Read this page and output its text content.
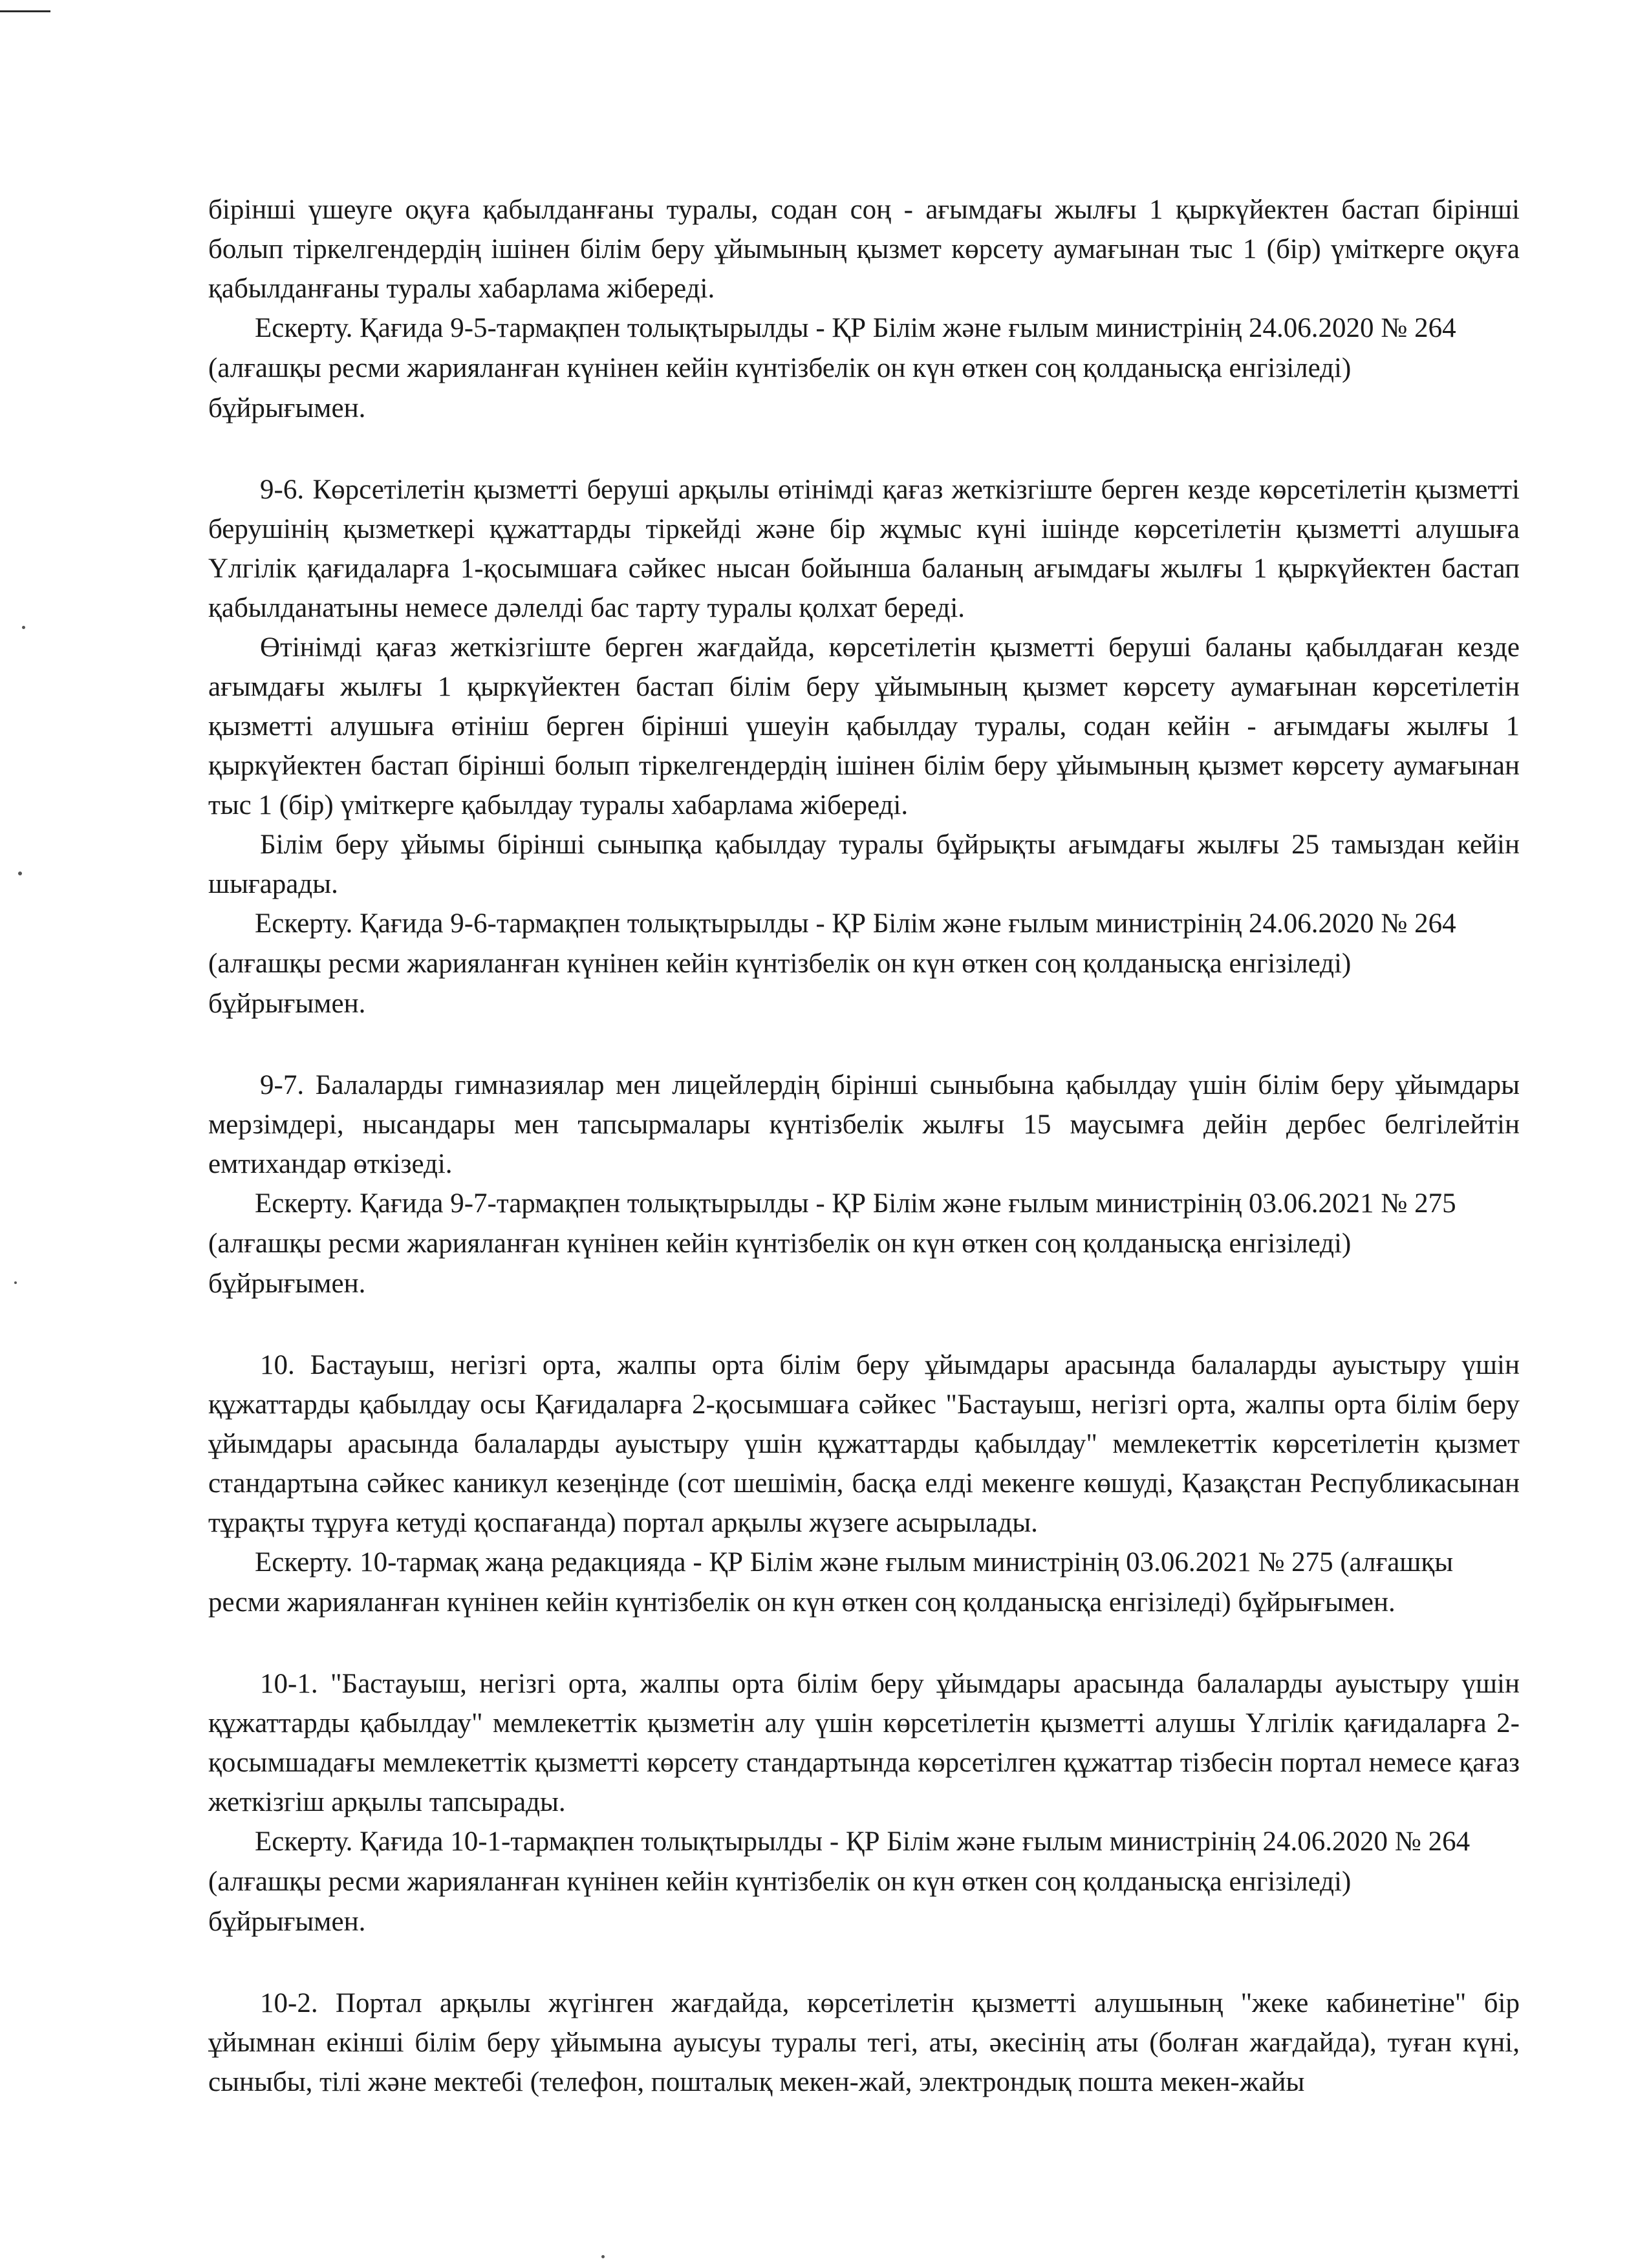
бірінші үшеуге оқуға қабылданғаны туралы, содан соң - ағымдағы жылғы 1 қыркүйектен бастап бірінші болып тіркелгендердің ішінен білім беру ұйымының қызмет көрсету аумағынан тыс 1 (бір) үміткерге оқуға қабылданғаны туралы хабарлама жібереді.

Ескерту. Қағида 9-5-тармақпен толықтырылды - ҚР Білім және ғылым министрінің 24.06.2020 № 264 (алғашқы ресми жарияланған күнінен кейін күнтізбелік он күн өткен соң қолданысқа енгізіледі) бұйрығымен.

9-6. Көрсетілетін қызметті беруші арқылы өтінімді қағаз жеткізгіште берген кезде көрсетілетін қызметті берушінің қызметкері құжаттарды тіркейді және бір жұмыс күні ішінде көрсетілетін қызметті алушыға Үлгілік қағидаларға 1-қосымшаға сәйкес нысан бойынша баланың ағымдағы жылғы 1 қыркүйектен бастап қабылданатыны немесе дәлелді бас тарту туралы қолхат береді.

Өтінімді қағаз жеткізгіште берген жағдайда, көрсетілетін қызметті беруші баланы қабылдаған кезде ағымдағы жылғы 1 қыркүйектен бастап білім беру ұйымының қызмет көрсету аумағынан көрсетілетін қызметті алушыға өтініш берген бірінші үшеуін қабылдау туралы, содан кейін - ағымдағы жылғы 1 қыркүйектен бастап бірінші болып тіркелгендердің ішінен білім беру ұйымының қызмет көрсету аумағынан тыс 1 (бір) үміткерге қабылдау туралы хабарлама жібереді.

Білім беру ұйымы бірінші сыныпқа қабылдау туралы бұйрықты ағымдағы жылғы 25 тамыздан кейін шығарады.

Ескерту. Қағида 9-6-тармақпен толықтырылды - ҚР Білім және ғылым министрінің 24.06.2020 № 264 (алғашқы ресми жарияланған күнінен кейін күнтізбелік он күн өткен соң қолданысқа енгізіледі) бұйрығымен.

9-7. Балаларды гимназиялар мен лицейлердің бірінші сыныбына қабылдау үшін білім беру ұйымдары мерзімдері, нысандары мен тапсырмалары күнтізбелік жылғы 15 маусымға дейін дербес белгілейтін емтихандар өткізеді.

Ескерту. Қағида 9-7-тармақпен толықтырылды - ҚР Білім және ғылым министрінің 03.06.2021 № 275 (алғашқы ресми жарияланған күнінен кейін күнтізбелік он күн өткен соң қолданысқа енгізіледі) бұйрығымен.

10. Бастауыш, негізгі орта, жалпы орта білім беру ұйымдары арасында балаларды ауыстыру үшін құжаттарды қабылдау осы Қағидаларға 2-қосымшаға сәйкес "Бастауыш, негізгі орта, жалпы орта білім беру ұйымдары арасында балаларды ауыстыру үшін құжаттарды қабылдау" мемлекеттік көрсетілетін қызмет стандартына сәйкес каникул кезеңінде (сот шешімін, басқа елді мекенге көшуді, Қазақстан Республикасынан тұрақты тұруға кетуді қоспағанда) портал арқылы жүзеге асырылады.

Ескерту. 10-тармақ жаңа редакцияда - ҚР Білім және ғылым министрінің 03.06.2021 № 275 (алғашқы ресми жарияланған күнінен кейін күнтізбелік он күн өткен соң қолданысқа енгізіледі) бұйрығымен.

10-1. "Бастауыш, негізгі орта, жалпы орта білім беру ұйымдары арасында балаларды ауыстыру үшін құжаттарды қабылдау" мемлекеттік қызметін алу үшін көрсетілетін қызметті алушы Үлгілік қағидаларға 2-қосымшадағы мемлекеттік қызметті көрсету стандартында көрсетілген құжаттар тізбесін портал немесе қағаз жеткізгіш арқылы тапсырады.

Ескерту. Қағида 10-1-тармақпен толықтырылды - ҚР Білім және ғылым министрінің 24.06.2020 № 264 (алғашқы ресми жарияланған күнінен кейін күнтізбелік он күн өткен соң қолданысқа енгізіледі) бұйрығымен.

10-2. Портал арқылы жүгінген жағдайда, көрсетілетін қызметті алушының "жеке кабинетіне" бір ұйымнан екінші білім беру ұйымына ауысуы туралы тегі, аты, әкесінің аты (болған жағдайда), туған күні, сыныбы, тілі және мектебі (телефон, пошталық мекен-жай, электрондық пошта мекен-жайы
